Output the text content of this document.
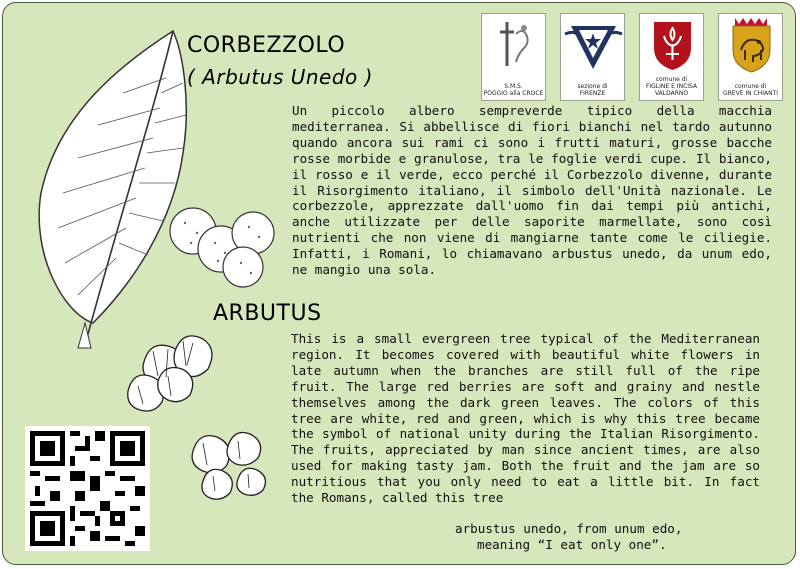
CORBEZZOLO
( Arbutus Unedo )
ARBUTUS

Un piccolo albero sempreverde tipico della macchia mediterranea. Si abbellisce di fiori bianchi nel tardo autunno quando ancora sui rami ci sono i frutti maturi, grosse bacche rosse morbide e granulose, tra le foglie verdi cupe. Il bianco, il rosso e il verde, ecco perché il Corbezzolo divenne, durante il Risorgimento italiano, il simbolo dell'Unità nazionale. Le corbezzole, apprezzate dall'uomo fin dai tempi più antichi, anche utilizzate per delle saporite marmellate, sono così nutrienti che non viene di mangiarne tante come le ciliegie. Infatti, i Romani, lo chiamavano arbustus unedo, da unum edo, ne mangio una sola.

This is a small evergreen tree typical of the Mediterranean region. It becomes covered with beautiful white flowers in late autumn when the branches are still full of the ripe fruit. The large red berries are soft and grainy and nestle themselves among the dark green leaves. The colors of this tree are white, red and green, which is why this tree became the symbol of national unity during the Italian Risorgimento. The fruits, appreciated by man since ancient times, are also used for making tasty jam. Both the fruit and the jam are so nutritious that you only need to eat a little bit. In fact the Romans, called this tree

arbustus unedo, from unum edo,
meaning “I eat only one”.
S.M.S.
POGGIO alla CROCE
sezione di
FIRENZE
comune di
FIGLINE E INCISA
VALDARNO
comune di
GREVE IN CHIANTI
